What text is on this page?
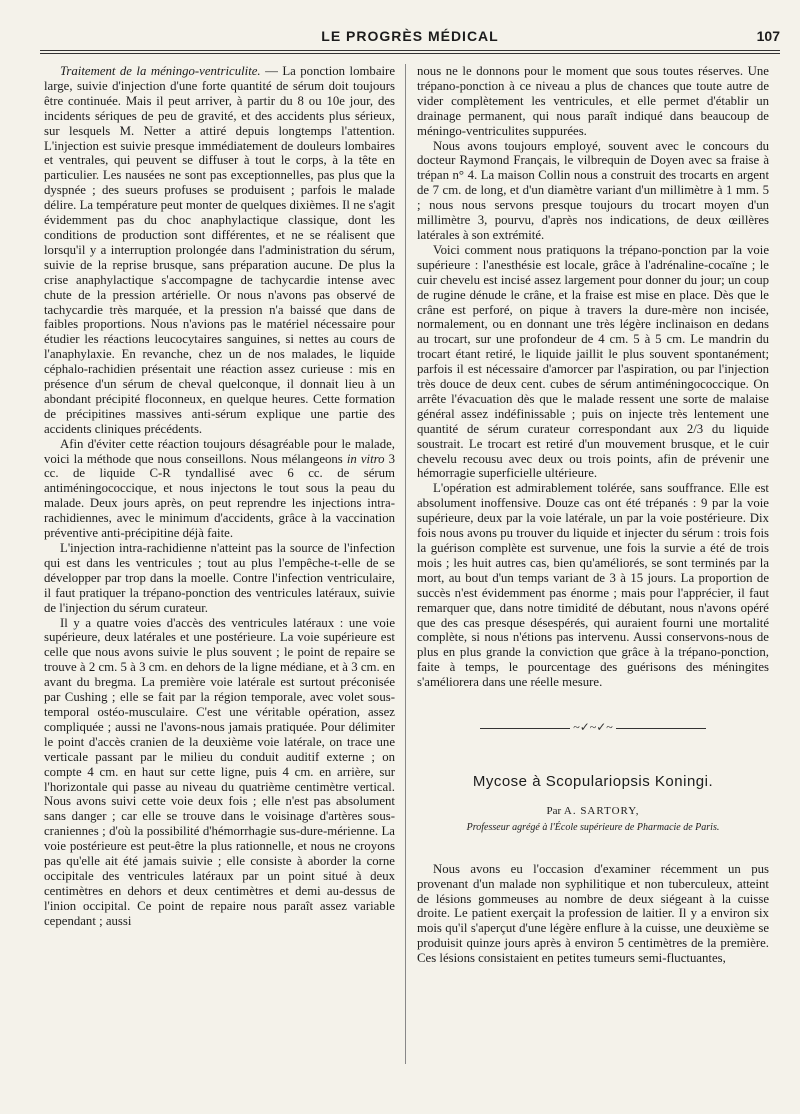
LE PROGRÈS MÉDICAL	107

Traitement de la méningo-ventriculite. — La ponction lombaire large, suivie d'injection d'une forte quantité de sérum doit toujours être continuée. Mais il peut arriver, à partir du 8 ou 10e jour, des incidents sériques de peu de gravité, et des accidents plus sérieux, sur lesquels M. Netter a attiré depuis longtemps l'attention. L'injection est suivie presque immédiatement de douleurs lombaires et ventrales, qui peuvent se diffuser à tout le corps, à la tête en particulier. Les nausées ne sont pas exceptionnelles, pas plus que la dyspnée ; des sueurs profuses se produisent ; parfois le malade délire. La température peut monter de quelques dixièmes. Il ne s'agit évidemment pas du choc anaphylactique classique, dont les conditions de production sont différentes, et ne se réalisent que lorsqu'il y a interruption prolongée dans l'administration du sérum, suivie de la reprise brusque, sans préparation aucune. De plus la crise anaphylactique s'accompagne de tachycardie intense avec chute de la pression artérielle. Or nous n'avons pas observé de tachycardie très marquée, et la pression n'a baissé que dans de faibles proportions. Nous n'avions pas le matériel nécessaire pour étudier les réactions leucocytaires sanguines, si nettes au cours de l'anaphylaxie. En revanche, chez un de nos malades, le liquide céphalo-rachidien présentait une réaction assez curieuse : mis en présence d'un sérum de cheval quelconque, il donnait lieu à un abondant précipité floconneux, en quelque heures. Cette formation de précipitines massives anti-sérum explique une partie des accidents cliniques précédents.

Afin d'éviter cette réaction toujours désagréable pour le malade, voici la méthode que nous conseillons. Nous mélangeons in vitro 3 cc. de liquide C-R tyndallisé avec 6 cc. de sérum antiméningococcique, et nous injectons le tout sous la peau du malade. Deux jours après, on peut reprendre les injections intra-rachidiennes, avec le minimum d'accidents, grâce à la vaccination préventive anti-précipitine déjà faite.

L'injection intra-rachidienne n'atteint pas la source de l'infection qui est dans les ventricules ; tout au plus l'empêche-t-elle de se développer par trop dans la moelle. Contre l'infection ventriculaire, il faut pratiquer la trépano-ponction des ventricules latéraux, suivie de l'injection du sérum curateur.

Il y a quatre voies d'accès des ventricules latéraux : une voie supérieure, deux latérales et une postérieure. La voie supérieure est celle que nous avons suivie le plus souvent ; le point de repaire se trouve à 2 cm. 5 à 3 cm. en dehors de la ligne médiane, et à 3 cm. en avant du bregma. La première voie latérale est surtout préconisée par Cushing ; elle se fait par la région temporale, avec volet sous-temporal ostéo-musculaire. C'est une véritable opération, assez compliquée ; aussi ne l'avons-nous jamais pratiquée. Pour délimiter le point d'accès cranien de la deuxième voie latérale, on trace une verticale passant par le milieu du conduit auditif externe ; on compte 4 cm. en haut sur cette ligne, puis 4 cm. en arrière, sur l'horizontale qui passe au niveau du quatrième centimètre vertical. Nous avons suivi cette voie deux fois ; elle n'est pas absolument sans danger ; car elle se trouve dans le voisinage d'artères sous-craniennes ; d'où la possibilité d'hémorrhagie sus-dure-mérienne. La voie postérieure est peut-être la plus rationnelle, et nous ne croyons pas qu'elle ait été jamais suivie ; elle consiste à aborder la corne occipitale des ventricules latéraux par un point situé à deux centimètres en dehors et deux centimètres et demi au-dessus de l'inion occipital. Ce point de repaire nous paraît assez variable cependant ; aussi

nous ne le donnons pour le moment que sous toutes réserves. Une trépano-ponction à ce niveau a plus de chances que toute autre de vider complètement les ventricules, et elle permet d'établir un drainage permanent, qui nous paraît indiqué dans beaucoup de méningo-ventriculites suppurées.

Nous avons toujours employé, souvent avec le concours du docteur Raymond Français, le vilbrequin de Doyen avec sa fraise à trépan n° 4. La maison Collin nous a construit des trocarts en argent de 7 cm. de long, et d'un diamètre variant d'un millimètre à 1 mm. 5 ; nous nous servons presque toujours du trocart moyen d'un millimètre 3, pourvu, d'après nos indications, de deux œillères latérales à son extrémité.

Voici comment nous pratiquons la trépano-ponction par la voie supérieure : l'anesthésie est locale, grâce à l'adrénaline-cocaïne ; le cuir chevelu est incisé assez largement pour donner du jour; un coup de rugine dénude le crâne, et la fraise est mise en place. Dès que le crâne est perforé, on pique à travers la dure-mère non incisée, normalement, ou en donnant une très légère inclinaison en dedans au trocart, sur une profondeur de 4 cm. 5 à 5 cm. Le mandrin du trocart étant retiré, le liquide jaillit le plus souvent spontanément; parfois il est nécessaire d'amorcer par l'aspiration, ou par l'injection très douce de deux cent. cubes de sérum antiméningococcique. On arrête l'évacuation dès que le malade ressent une sorte de malaise général assez indéfinissable ; puis on injecte très lentement une quantité de sérum curateur correspondant aux 2/3 du liquide soustrait. Le trocart est retiré d'un mouvement brusque, et le cuir chevelu recousu avec deux ou trois points, afin de prévenir une hémorragie superficielle ultérieure.

L'opération est admirablement tolérée, sans souffrance. Elle est absolument inoffensive. Douze cas ont été trépanés : 9 par la voie supérieure, deux par la voie latérale, un par la voie postérieure. Dix fois nous avons pu trouver du liquide et injecter du sérum : trois fois la guérison complète est survenue, une fois la survie a été de trois mois ; les huit autres cas, bien qu'améliorés, se sont terminés par la mort, au bout d'un temps variant de 3 à 15 jours. La proportion de succès n'est évidemment pas énorme ; mais pour l'apprécier, il faut remarquer que, dans notre timidité de débutant, nous n'avons opéré que des cas presque désespérés, qui auraient fourni une mortalité complète, si nous n'étions pas intervenu. Aussi conservons-nous de plus en plus grande la conviction que grâce à la trépano-ponction, faite à temps, le pourcentage des guérisons des méningites s'améliorera dans une réelle mesure.

~✓~✓~
Mycose à Scopulariopsis Koningi.
Par A. SARTORY,
Professeur agrégé à l'École supérieure de Pharmacie de Paris.

Nous avons eu l'occasion d'examiner récemment un pus provenant d'un malade non syphilitique et non tuberculeux, atteint de lésions gommeuses au nombre de deux siégeant à la cuisse droite. Le patient exerçait la profession de laitier. Il y a environ six mois qu'il s'aperçut d'une légère enflure à la cuisse, une deuxième se produisit quinze jours après à environ 5 centimètres de la première. Ces lésions consistaient en petites tumeurs semi-fluctuantes,
